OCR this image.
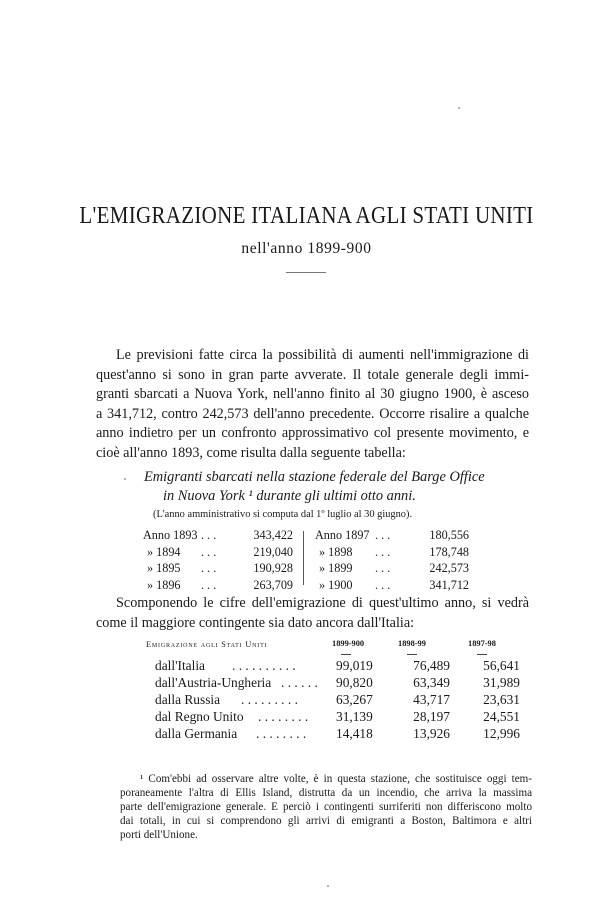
L'EMIGRAZIONE ITALIANA AGLI STATI UNITI
nell'anno 1899-900
Le previsioni fatte circa la possibilità di aumenti nell'immigrazione di
quest'anno si sono in gran parte avverate. Il totale generale degli immi-
granti sbarcati a Nuova York, nell'anno finito al 30 giugno 1900, è asceso
a 341,712, contro 242,573 dell'anno precedente. Occorre risalire a qualche
anno indietro per un confronto approssimativo col presente movimento, e
cioè all'anno 1893, come risulta dalla seguente tabella:
Emigranti sbarcati nella stazione federale del Barge Office
in Nuova York ¹ durante gli ultimi otto anni.
(L'anno amministrativo si computa dal 1º luglio al 30 giugno).
Anno 1893 . . .	343,422 Anno 1897 . . .	180,556
» 1894 . . .	219,040 » 1898 . . .	178,748
» 1895 . . .	190,928 » 1899 . . .	242,573
» 1896 . . .	263,709 » 1900 . . .	341,712
Scomponendo le cifre dell'emigrazione di quest'ultimo anno, si vedrà
come il maggiore contingente sia dato ancora dall'Italia:
Emigrazione agli Stati Uniti	1899-900	1898-99	1897-98
dall'Italia . . . . . . . . . .	99,019	76,489	56,641
dall'Austria-Ungheria . . . . . . 90,820	63,349	31,989
dalla Russia . . . . . . . . .	63,267	43,717	23,631
dal Regno Unito . . . . . . . . 31,139	28,197	24,551
dalla Germania . . . . . . . . 14,418	13,926	12,996
¹ Com'ebbi ad osservare altre volte, è in questa stazione, che sostituisce oggi tem-
poraneamente l'altra di Ellis Island, distrutta da un incendio, che arriva la massima
parte dell'emigrazione generale. E perciò i contingenti surriferiti non differiscono molto
dai totali, in cui si comprendono gli arrivi di emigranti a Boston, Baltimora e altri
porti dell'Unione.
